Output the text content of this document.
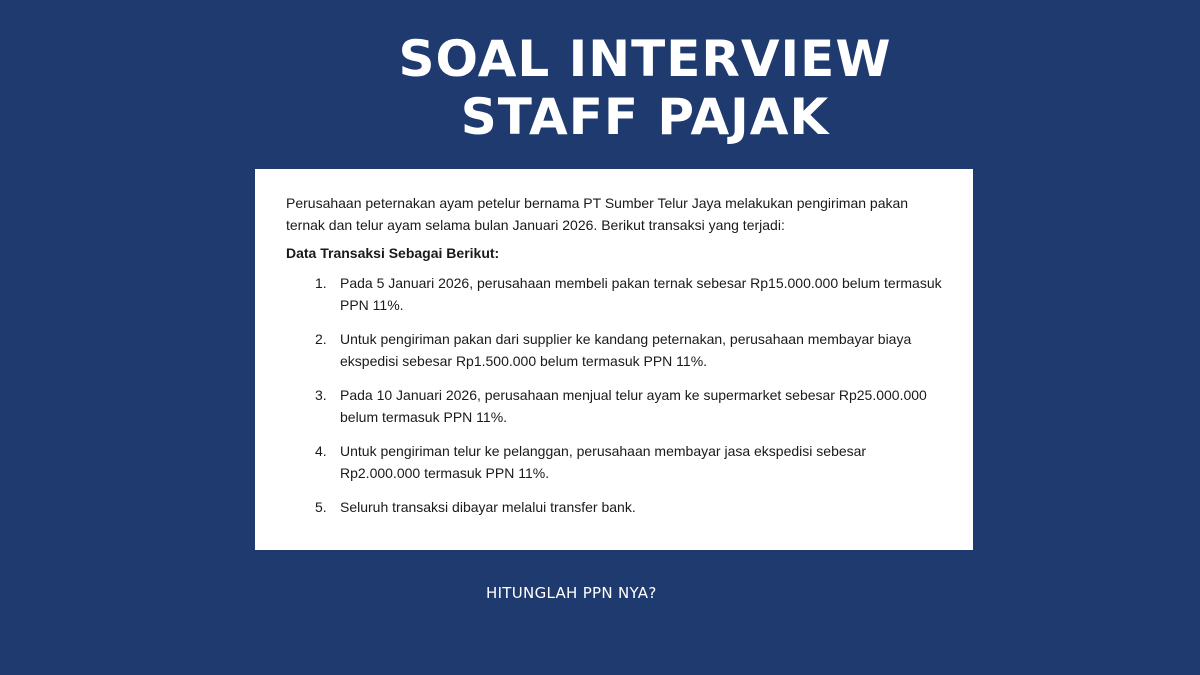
SOAL INTERVIEW
STAFF PAJAK

Perusahaan peternakan ayam petelur bernama PT Sumber Telur Jaya melakukan pengiriman pakan ternak dan telur ayam selama bulan Januari 2026. Berikut transaksi yang terjadi:

Data Transaksi Sebagai Berikut:

1. Pada 5 Januari 2026, perusahaan membeli pakan ternak sebesar Rp15.000.000 belum termasuk PPN 11%.
2. Untuk pengiriman pakan dari supplier ke kandang peternakan, perusahaan membayar biaya ekspedisi sebesar Rp1.500.000 belum termasuk PPN 11%.
3. Pada 10 Januari 2026, perusahaan menjual telur ayam ke supermarket sebesar Rp25.000.000 belum termasuk PPN 11%.
4. Untuk pengiriman telur ke pelanggan, perusahaan membayar jasa ekspedisi sebesar Rp2.000.000 termasuk PPN 11%.
5. Seluruh transaksi dibayar melalui transfer bank.
HITUNGLAH PPN NYA?
